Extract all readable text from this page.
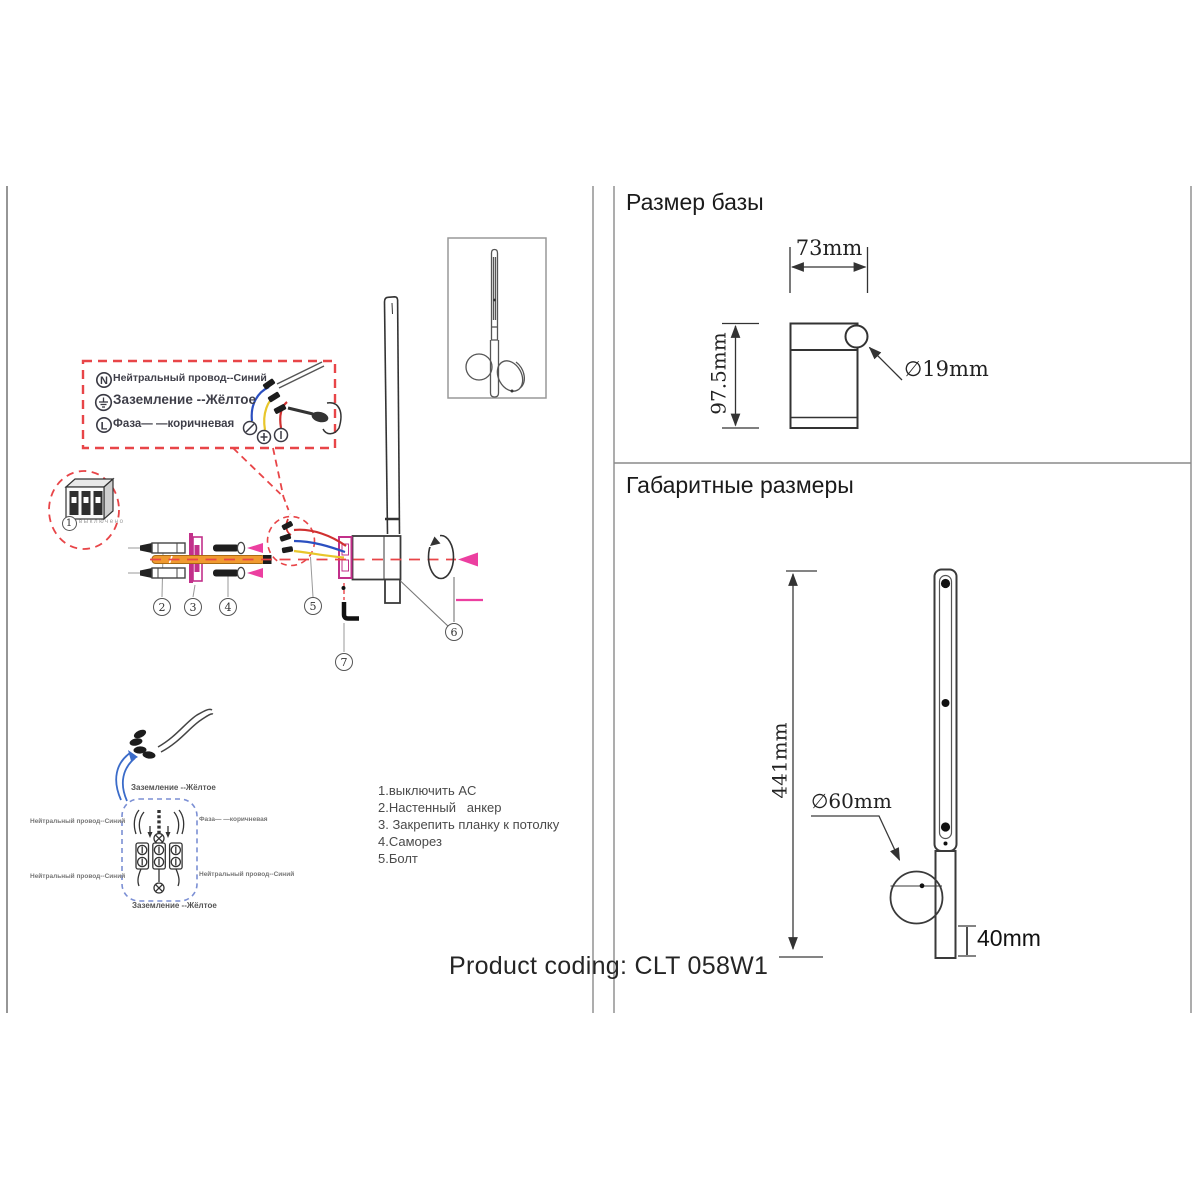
N
L
Размер базы
Габаритные размеры
73mm
97.5mm	∅19mm
441mm
∅60mm
40mm
Нейтральный провод--Синий
Заземление --Жёлтое
Фаза— —коричневая
выключено
1
2	3	4	5
6
7
Заземление --Жёлтое
Нейтральный провод--Синий	Фаза— —коричневая
Нейтральный провод--Синий	Нейтральный провод--Синий
Заземление --Жёлтое
1.выключить AC
2.Настенный   анкер
3. Закрепить планку к потолку
4.Саморез
5.Болт
Product coding: CLT 058W1
